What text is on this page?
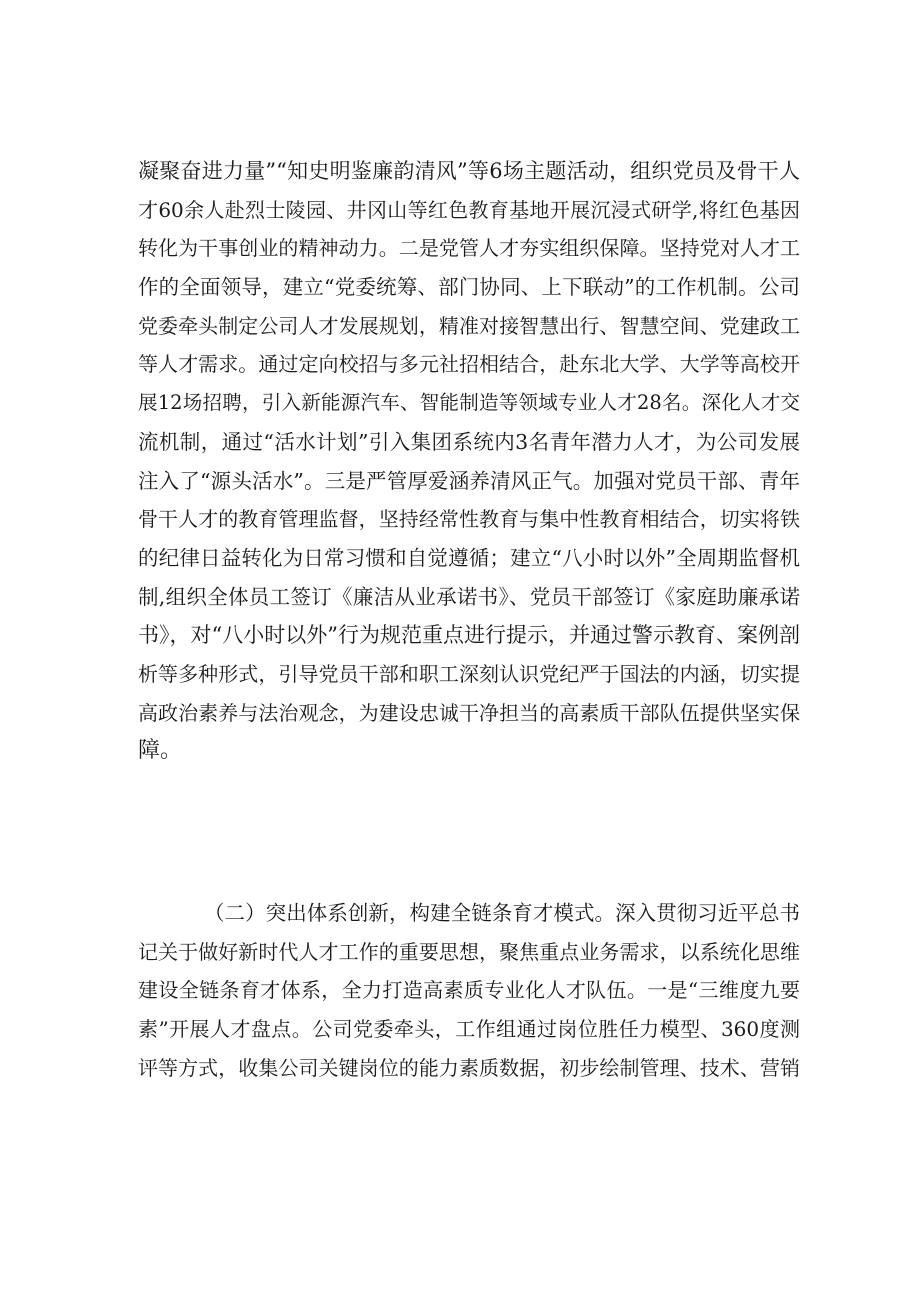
凝聚奋进力量”“知史明鉴廉韵清风”等6场主题活动，组织党员及骨干人
才60余人赴烈士陵园、井冈山等红色教育基地开展沉浸式研学,将红色基因
转化为干事创业的精神动力。二是党管人才夯实组织保障。坚持党对人才工
作的全面领导，建立“党委统筹、部门协同、上下联动”的工作机制。公司
党委牵头制定公司人才发展规划，精准对接智慧出行、智慧空间、党建政工
等人才需求。通过定向校招与多元社招相结合，赴东北大学、大学等高校开
展12场招聘，引入新能源汽车、智能制造等领域专业人才28名。深化人才交
流机制，通过“活水计划”引入集团系统内3名青年潜力人才，为公司发展
注入了“源头活水”。三是严管厚爱涵养清风正气。加强对党员干部、青年
骨干人才的教育管理监督，坚持经常性教育与集中性教育相结合，切实将铁
的纪律日益转化为日常习惯和自觉遵循；建立“八小时以外”全周期监督机
制,组织全体员工签订《廉洁从业承诺书》、党员干部签订《家庭助廉承诺
书》，对“八小时以外”行为规范重点进行提示，并通过警示教育、案例剖
析等多种形式，引导党员干部和职工深刻认识党纪严于国法的内涵，切实提
高政治素养与法治观念，为建设忠诚干净担当的高素质干部队伍提供坚实保
障。
（二）突出体系创新，构建全链条育才模式。深入贯彻习近平总书
记关于做好新时代人才工作的重要思想，聚焦重点业务需求，以系统化思维
建设全链条育才体系，全力打造高素质专业化人才队伍。一是“三维度九要
素”开展人才盘点。公司党委牵头，工作组通过岗位胜任力模型、360度测
评等方式，收集公司关键岗位的能力素质数据，初步绘制管理、技术、营销
